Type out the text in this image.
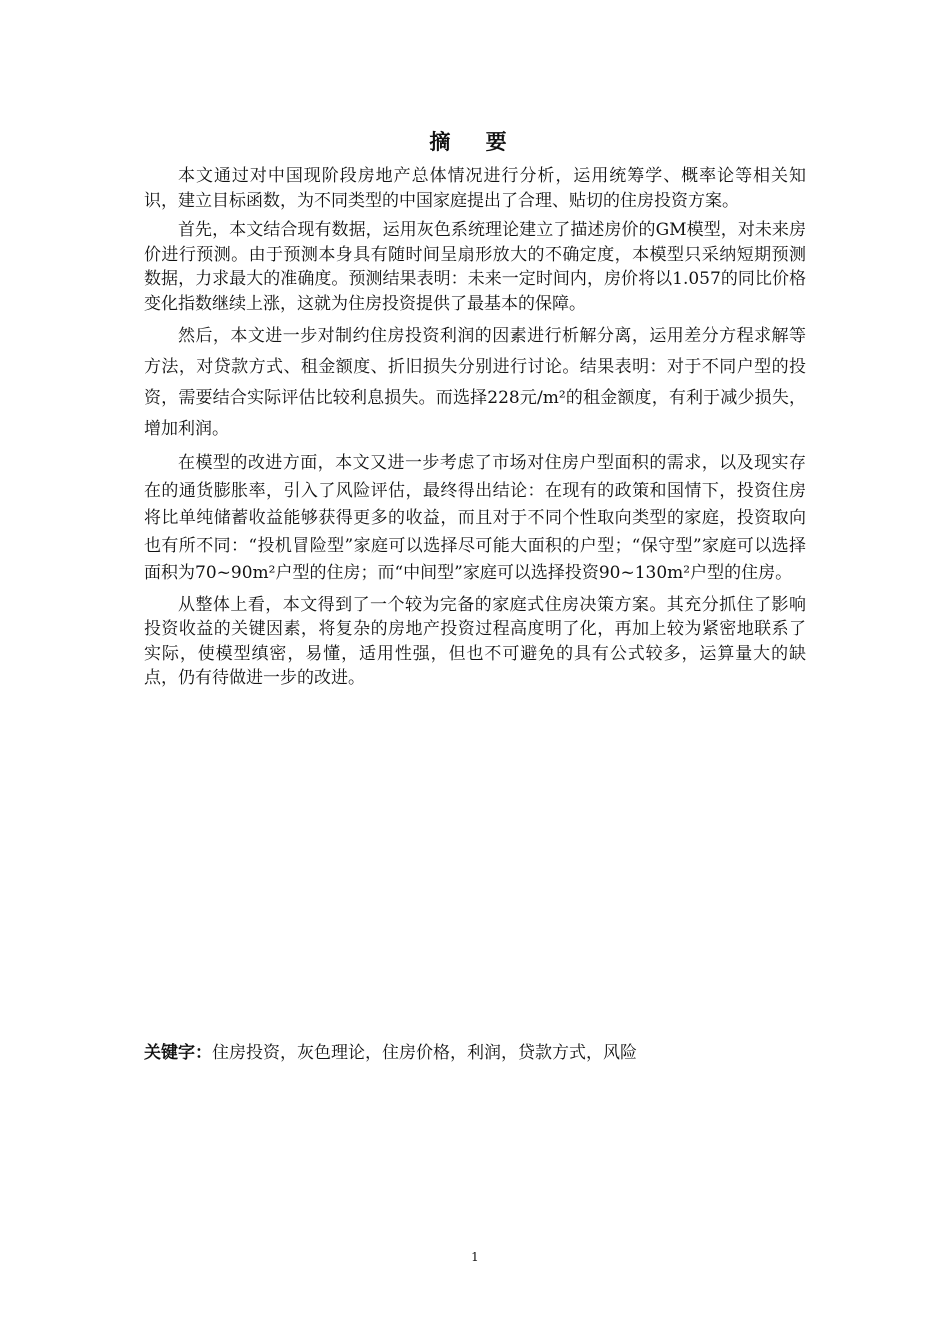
摘 要

本文通过对中国现阶段房地产总体情况进行分析，运用统筹学、概率论等相关知识，建立目标函数，为不同类型的中国家庭提出了合理、贴切的住房投资方案。

首先，本文结合现有数据，运用灰色系统理论建立了描述房价的GM模型，对未来房价进行预测。由于预测本身具有随时间呈扇形放大的不确定度，本模型只采纳短期预测数据，力求最大的准确度。预测结果表明：未来一定时间内，房价将以1.057的同比价格变化指数继续上涨，这就为住房投资提供了最基本的保障。

然后，本文进一步对制约住房投资利润的因素进行析解分离，运用差分方程求解等方法，对贷款方式、租金额度、折旧损失分别进行讨论。结果表明：对于不同户型的投资，需要结合实际评估比较利息损失。而选择228元/m²的租金额度，有利于减少损失，增加利润。

在模型的改进方面，本文又进一步考虑了市场对住房户型面积的需求，以及现实存在的通货膨胀率，引入了风险评估，最终得出结论：在现有的政策和国情下，投资住房将比单纯储蓄收益能够获得更多的收益，而且对于不同个性取向类型的家庭，投资取向也有所不同：“投机冒险型”家庭可以选择尽可能大面积的户型；“保守型”家庭可以选择面积为70~90m²户型的住房；而“中间型”家庭可以选择投资90~130m²户型的住房。

从整体上看，本文得到了一个较为完备的家庭式住房决策方案。其充分抓住了影响投资收益的关键因素，将复杂的房地产投资过程高度明了化，再加上较为紧密地联系了实际，使模型缜密，易懂，适用性强，但也不可避免的具有公式较多，运算量大的缺点，仍有待做进一步的改进。

关键字：住房投资，灰色理论，住房价格，利润，贷款方式，风险
1
